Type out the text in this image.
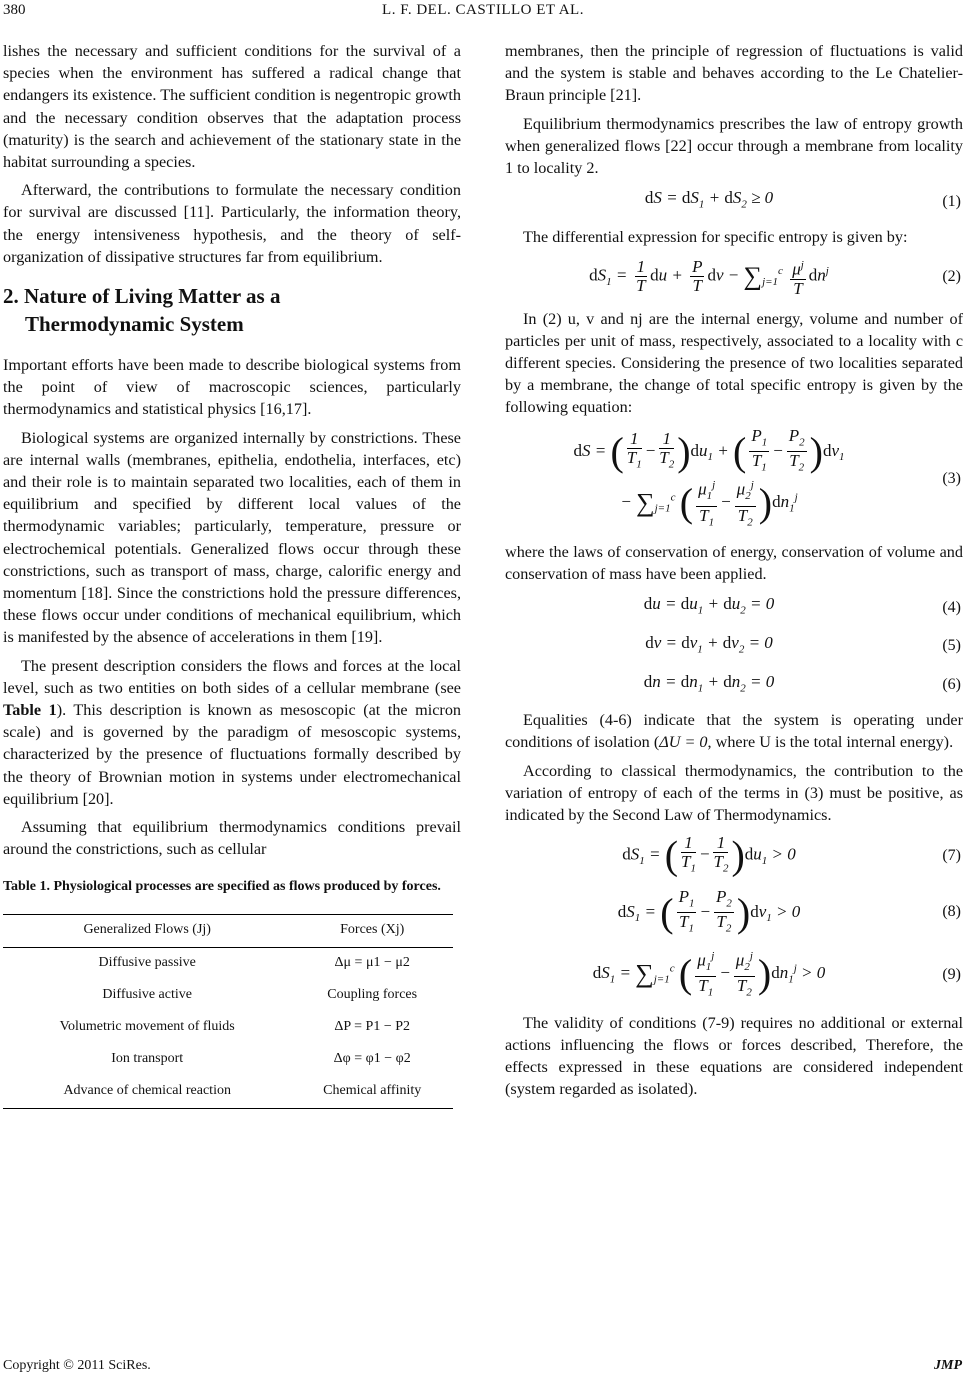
380	L. F. DEL. CASTILLO ET AL.

lishes the necessary and sufficient conditions for the survival of a species when the environment has suffered a radical change that endangers its existence. The sufficient condition is negentropic growth and the necessary condition observes that the adaptation process (maturity) is the search and achievement of the stationary state in the habitat surrounding a species.

Afterward, the contributions to formulate the necessary condition for survival are discussed [11]. Particularly, the information theory, the energy intensiveness hypothesis, and the theory of self-organization of dissipative structures far from equilibrium.

2. Nature of Living Matter as a
Thermodynamic System

Important efforts have been made to describe biological systems from the point of view of macroscopic sciences, particularly thermodynamics and statistical physics [16,17].

Biological systems are organized internally by constrictions. These are internal walls (membranes, epithelia, endothelia, interfaces, etc) and their role is to maintain separated two localities, each of them in equilibrium and specified by different local values of the thermodynamic variables; particularly, temperature, pressure or electrochemical potentials. Generalized flows occur through these constrictions, such as transport of mass, charge, calorific energy and momentum [18]. Since the constrictions hold the pressure differences, these flows occur under conditions of mechanical equilibrium, which is manifested by the absence of accelerations in them [19].

The present description considers the flows and forces at the local level, such as two entities on both sides of a cellular membrane (see Table 1). This description is known as mesoscopic (at the micron scale) and is governed by the paradigm of mesoscopic systems, characterized by the presence of fluctuations formally described by the theory of Brownian motion in systems under electromechanical equilibrium [20].

Assuming that equilibrium thermodynamics conditions prevail around the constrictions, such as cellular

Table 1. Physiological processes are specified as flows produced by forces.
Generalized Flows (Jj)	Forces (Xj)
Diffusive passive	Δμ = μ1 − μ2
Diffusive active	Coupling forces
Volumetric movement of fluids	ΔP = P1 − P2
Ion transport	Δφ = φ1 − φ2
Advance of chemical reaction	Chemical affinity

membranes, then the principle of regression of fluctuations is valid and the system is stable and behaves according to the Le Chatelier-Braun principle [21].

Equilibrium thermodynamics prescribes the law of entropy growth when generalized flows [22] occur through a membrane from locality 1 to locality 2.

dS = $dS_1 + dS_2 \ge 0$	(1)

The differential expression for specific entropy is given by:

$dS_1 = \frac{1}{T}$ du + $\frac{P}{T}$ dv − $\sum_{j=1}^c \frac{\mu^j}{T} dn^j$	(2)

In (2) u, v and nj are the internal energy, volume and number of particles per unit of mass, respectively, associated to a locality with c different species. Considering the presence of two localities separated by a membrane, the change of total specific entropy is given by the following equation:

dS = ( $\frac{1}{T_1} - \frac{1}{T_2} )du_1$ + ( $\frac{P_1}{T_1} - \frac{P_2}{T_2} )dv_1$
− $\sum_{j=1}^c$ ( $\frac{\mu_1^j}{T_1} - \frac{\mu_2^j}{T_2} )dn_1^j$
(3)

where the laws of conservation of energy, conservation of volume and conservation of mass have been applied.

du = $du_1 + du_2 = 0$	(4)
dv = $dv_1 + dv_2 = 0$	(5)
dn = $dn_1 + dn_2 = 0$	(6)

Equalities (4-6) indicate that the system is operating under conditions of isolation (ΔU = 0, where U is the total internal energy).

According to classical thermodynamics, the contribution to the variation of entropy of each of the terms in (3) must be positive, as indicated by the Second Law of Thermodynamics.

$dS_1$ = ( $\frac{1}{T_1} - \frac{1}{T_2} )du_1 > 0$	(7)
$dS_1$ = ( $\frac{P_1}{T_1} - \frac{P_2}{T_2} )dv_1 > 0$	(8)
$dS_1 = \sum_{j=1}^c$ ( $\frac{\mu_1^j}{T_1} - \frac{\mu_2^j}{T_2} )dn_1^j > 0$	(9)

The validity of conditions (7-9) requires no additional or external actions influencing the flows or forces described, Therefore, the effects expressed in these equations are considered independent (system regarded as isolated).

Copyright © 2011 SciRes.	JMP
